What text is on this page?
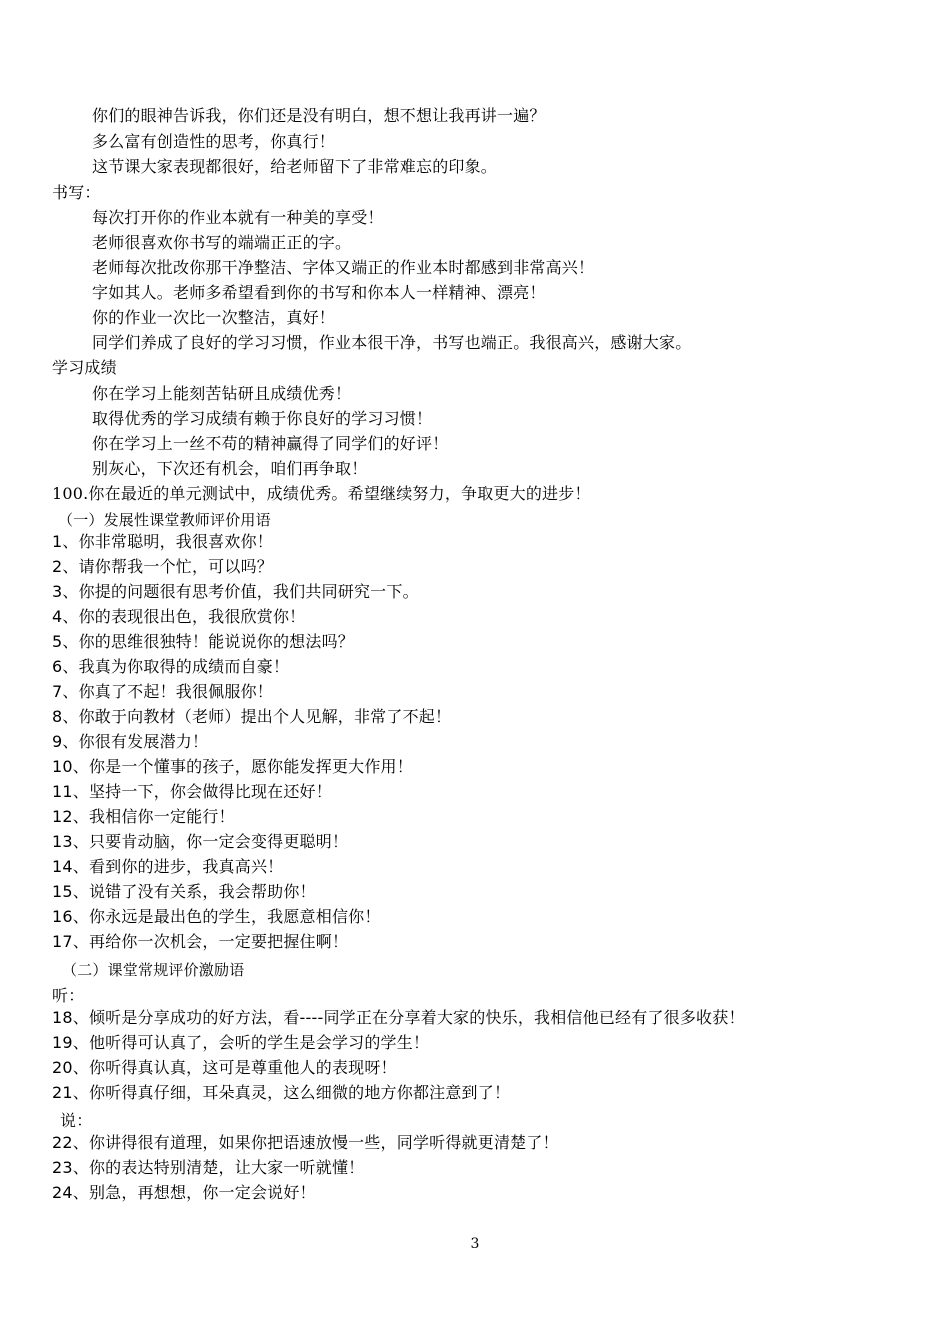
你们的眼神告诉我，你们还是没有明白，想不想让我再讲一遍？
多么富有创造性的思考，你真行！
这节课大家表现都很好，给老师留下了非常难忘的印象。
书写：
每次打开你的作业本就有一种美的享受！
老师很喜欢你书写的端端正正的字。
老师每次批改你那干净整洁、字体又端正的作业本时都感到非常高兴！
字如其人。老师多希望看到你的书写和你本人一样精神、漂亮！
你的作业一次比一次整洁，真好！
同学们养成了良好的学习习惯，作业本很干净，书写也端正。我很高兴，感谢大家。
学习成绩
你在学习上能刻苦钻研且成绩优秀！
取得优秀的学习成绩有赖于你良好的学习习惯！
你在学习上一丝不苟的精神赢得了同学们的好评！
别灰心，下次还有机会，咱们再争取！
100.你在最近的单元测试中，成绩优秀。希望继续努力，争取更大的进步！
（一）发展性课堂教师评价用语
1、你非常聪明，我很喜欢你！
2、请你帮我一个忙，可以吗？
3、你提的问题很有思考价值，我们共同研究一下。
4、你的表现很出色，我很欣赏你！
5、你的思维很独特！能说说你的想法吗？
6、我真为你取得的成绩而自豪！
7、你真了不起！我很佩服你！
8、你敢于向教材（老师）提出个人见解，非常了不起！
9、你很有发展潜力！
10、你是一个懂事的孩子，愿你能发挥更大作用！
11、坚持一下，你会做得比现在还好！
12、我相信你一定能行！
13、只要肯动脑，你一定会变得更聪明！
14、看到你的进步，我真高兴！
15、说错了没有关系，我会帮助你！
16、你永远是最出色的学生，我愿意相信你！
17、再给你一次机会，一定要把握住啊！
（二）课堂常规评价激励语
听：
18、倾听是分享成功的好方法，看----同学正在分享着大家的快乐，我相信他已经有了很多收获！
19、他听得可认真了，会听的学生是会学习的学生！
20、你听得真认真，这可是尊重他人的表现呀！
21、你听得真仔细，耳朵真灵，这么细微的地方你都注意到了！
说：
22、你讲得很有道理，如果你把语速放慢一些，同学听得就更清楚了！
23、你的表达特别清楚，让大家一听就懂！
24、别急，再想想，你一定会说好！
3
